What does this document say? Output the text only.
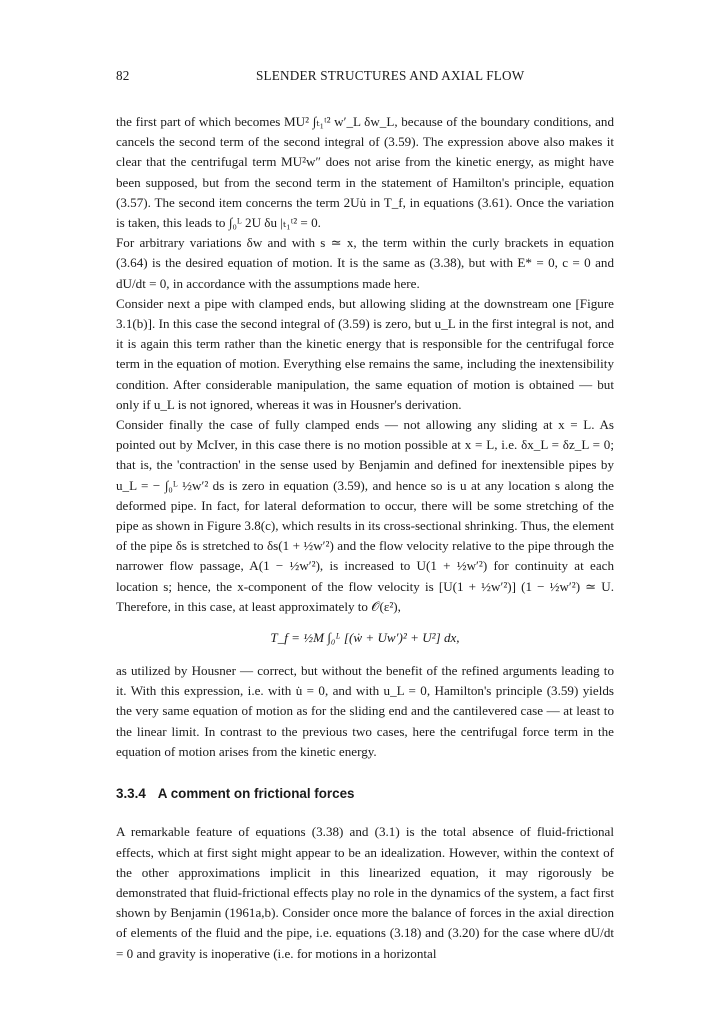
82	SLENDER STRUCTURES AND AXIAL FLOW

the first part of which becomes MU² ∫ₜ₁ᵗ² w′_L δw_L, because of the boundary conditions, and cancels the second term of the second integral of (3.59). The expression above also makes it clear that the centrifugal term MU²w″ does not arise from the kinetic energy, as might have been supposed, but from the second term in the statement of Hamilton's principle, equation (3.57). The second item concerns the term 2Uu̇ in T_f, in equations (3.61). Once the variation is taken, this leads to ∫₀ᴸ 2U δu |ₜ₁ᵗ² = 0.

For arbitrary variations δw and with s ≃ x, the term within the curly brackets in equation (3.64) is the desired equation of motion. It is the same as (3.38), but with E* = 0, c = 0 and dU/dt = 0, in accordance with the assumptions made here.

Consider next a pipe with clamped ends, but allowing sliding at the downstream one [Figure 3.1(b)]. In this case the second integral of (3.59) is zero, but u_L in the first integral is not, and it is again this term rather than the kinetic energy that is responsible for the centrifugal force term in the equation of motion. Everything else remains the same, including the inextensibility condition. After considerable manipulation, the same equation of motion is obtained — but only if u_L is not ignored, whereas it was in Housner's derivation.

Consider finally the case of fully clamped ends — not allowing any sliding at x = L. As pointed out by McIver, in this case there is no motion possible at x = L, i.e. δx_L = δz_L = 0; that is, the 'contraction' in the sense used by Benjamin and defined for inextensible pipes by u_L = − ∫₀ᴸ ½w′² ds is zero in equation (3.59), and hence so is u at any location s along the deformed pipe. In fact, for lateral deformation to occur, there will be some stretching of the pipe as shown in Figure 3.8(c), which results in its cross-sectional shrinking. Thus, the element of the pipe δs is stretched to δs(1 + ½w′²) and the flow velocity relative to the pipe through the narrower flow passage, A(1 − ½w′²), is increased to U(1 + ½w′²) for continuity at each location s; hence, the x-component of the flow velocity is [U(1 + ½w′²)] (1 − ½w′²) ≃ U. Therefore, in this case, at least approximately to 𝒪(ε²),

T_f = ½M ∫₀ᴸ [(ẇ + Uw′)² + U²] dx,

as utilized by Housner — correct, but without the benefit of the refined arguments leading to it. With this expression, i.e. with u̇ = 0, and with u_L = 0, Hamilton's principle (3.59) yields the very same equation of motion as for the sliding end and the cantilevered case — at least to the linear limit. In contrast to the previous two cases, here the centrifugal force term in the equation of motion arises from the kinetic energy.

3.3.4 A comment on frictional forces

A remarkable feature of equations (3.38) and (3.1) is the total absence of fluid-frictional effects, which at first sight might appear to be an idealization. However, within the context of the other approximations implicit in this linearized equation, it may rigorously be demonstrated that fluid-frictional effects play no role in the dynamics of the system, a fact first shown by Benjamin (1961a,b). Consider once more the balance of forces in the axial direction of elements of the fluid and the pipe, i.e. equations (3.18) and (3.20) for the case where dU/dt = 0 and gravity is inoperative (i.e. for motions in a horizontal
